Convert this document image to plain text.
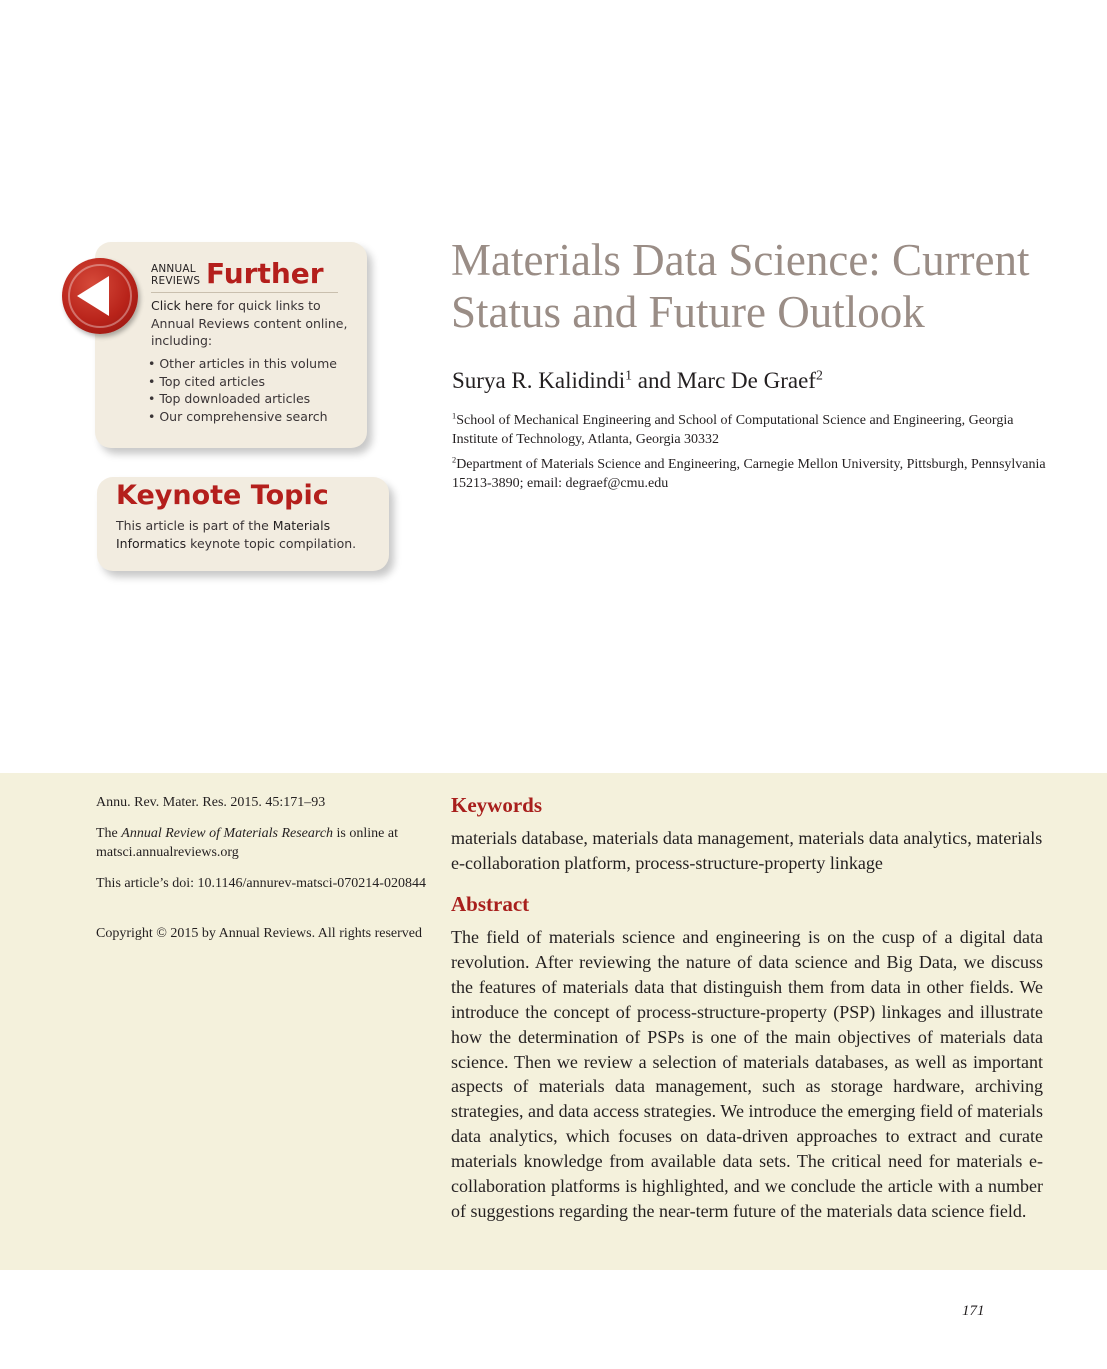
ANNUAL
REVIEWS Further
Click here for quick links to Annual Reviews content online, including:
• Other articles in this volume
• Top cited articles
• Top downloaded articles
• Our comprehensive search
Keynote Topic
This article is part of the Materials Informatics keynote topic compilation.
Materials Data Science: Current Status and Future Outlook
Surya R. Kalidindi$^1$ and Marc De Graef$^2$
$^1$School of Mechanical Engineering and School of Computational Science and Engineering, Georgia Institute of Technology, Atlanta, Georgia 30332
$^2$Department of Materials Science and Engineering, Carnegie Mellon University, Pittsburgh, Pennsylvania 15213-3890; email: degraef@cmu.edu
Annu. Rev. Mater. Res. 2015. 45:171–93
The Annual Review of Materials Research is online at matsci.annualreviews.org
This article’s doi: 10.1146/annurev-matsci-070214-020844
Copyright © 2015 by Annual Reviews. All rights reserved
Keywords
materials database, materials data management, materials data analytics, materials e-collaboration platform, process-structure-property linkage
Abstract
The field of materials science and engineering is on the cusp of a digital data revolution. After reviewing the nature of data science and Big Data, we discuss the features of materials data that distinguish them from data in other fields. We introduce the concept of process-structure-property (PSP) linkages and illustrate how the determination of PSPs is one of the main objectives of materials data science. Then we review a selection of materials databases, as well as important aspects of materials data management, such as storage hardware, archiving strategies, and data access strategies. We introduce the emerging field of materials data analytics, which focuses on data-driven approaches to extract and curate materials knowledge from available data sets. The critical need for materials e-collaboration platforms is highlighted, and we conclude the article with a number of suggestions regarding the near-term future of the materials data science field.
171
